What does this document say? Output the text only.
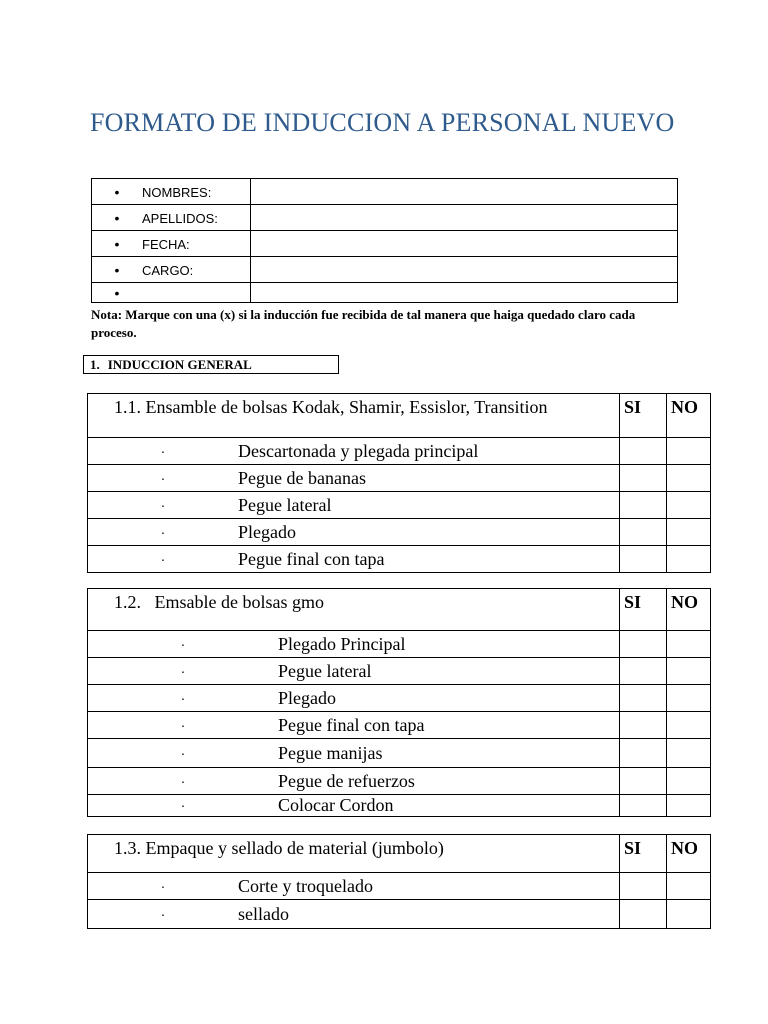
FORMATO DE INDUCCION A PERSONAL NUEVO
• NOMBRES:	
• APELLIDOS:	
• FECHA:	
• CARGO:	
•	
Nota: Marque con una (x) si la inducción fue recibida de tal manera que haiga quedado claro cada proceso.
1. INDUCCION GENERAL
1.1. Ensamble de bolsas Kodak, Shamir, Essislor, Transition	SI	NO
· Descartonada y plegada principal		
· Pegue de bananas		
· Pegue lateral		
· Plegado		
· Pegue final con tapa		
1.2.   Emsable de bolsas gmo	SI	NO
· Plegado Principal		
· Pegue lateral		
· Plegado		
· Pegue final con tapa		
· Pegue manijas		
· Pegue de refuerzos		
· Colocar Cordon		
1.3. Empaque y sellado de material (jumbolo)	SI	NO
· Corte y troquelado		
· sellado		
